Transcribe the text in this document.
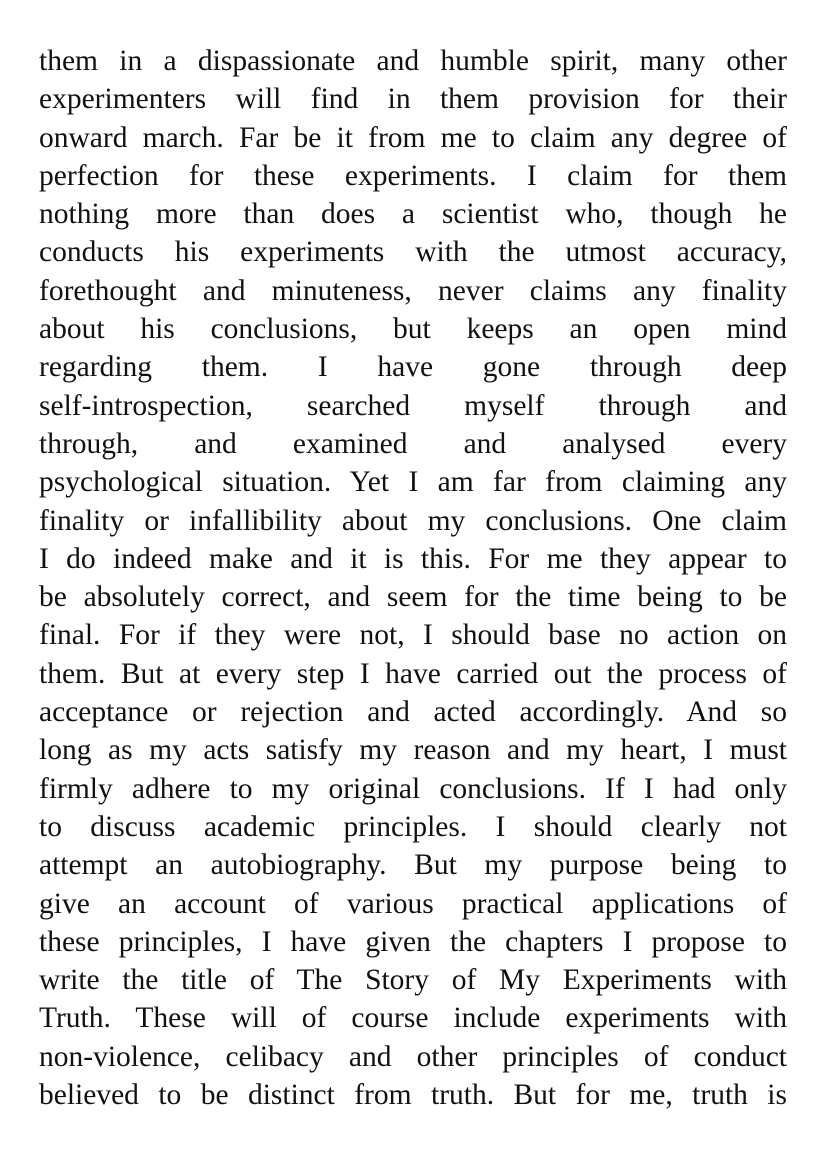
them in a dispassionate and humble spirit, many other
experimenters will find in them provision for their
onward march. Far be it from me to claim any degree of
perfection for these experiments. I claim for them
nothing more than does a scientist who, though he
conducts his experiments with the utmost accuracy,
forethought and minuteness, never claims any finality
about his conclusions, but keeps an open mind
regarding them. I have gone through deep
self-introspection, searched myself through and
through, and examined and analysed every
psychological situation. Yet I am far from claiming any
finality or infallibility about my conclusions. One claim
I do indeed make and it is this. For me they appear to
be absolutely correct, and seem for the time being to be
final. For if they were not, I should base no action on
them. But at every step I have carried out the process of
acceptance or rejection and acted accordingly. And so
long as my acts satisfy my reason and my heart, I must
firmly adhere to my original conclusions. If I had only
to discuss academic principles. I should clearly not
attempt an autobiography. But my purpose being to
give an account of various practical applications of
these principles, I have given the chapters I propose to
write the title of The Story of My Experiments with
Truth. These will of course include experiments with
non-violence, celibacy and other principles of conduct
believed to be distinct from truth. But for me, truth is
